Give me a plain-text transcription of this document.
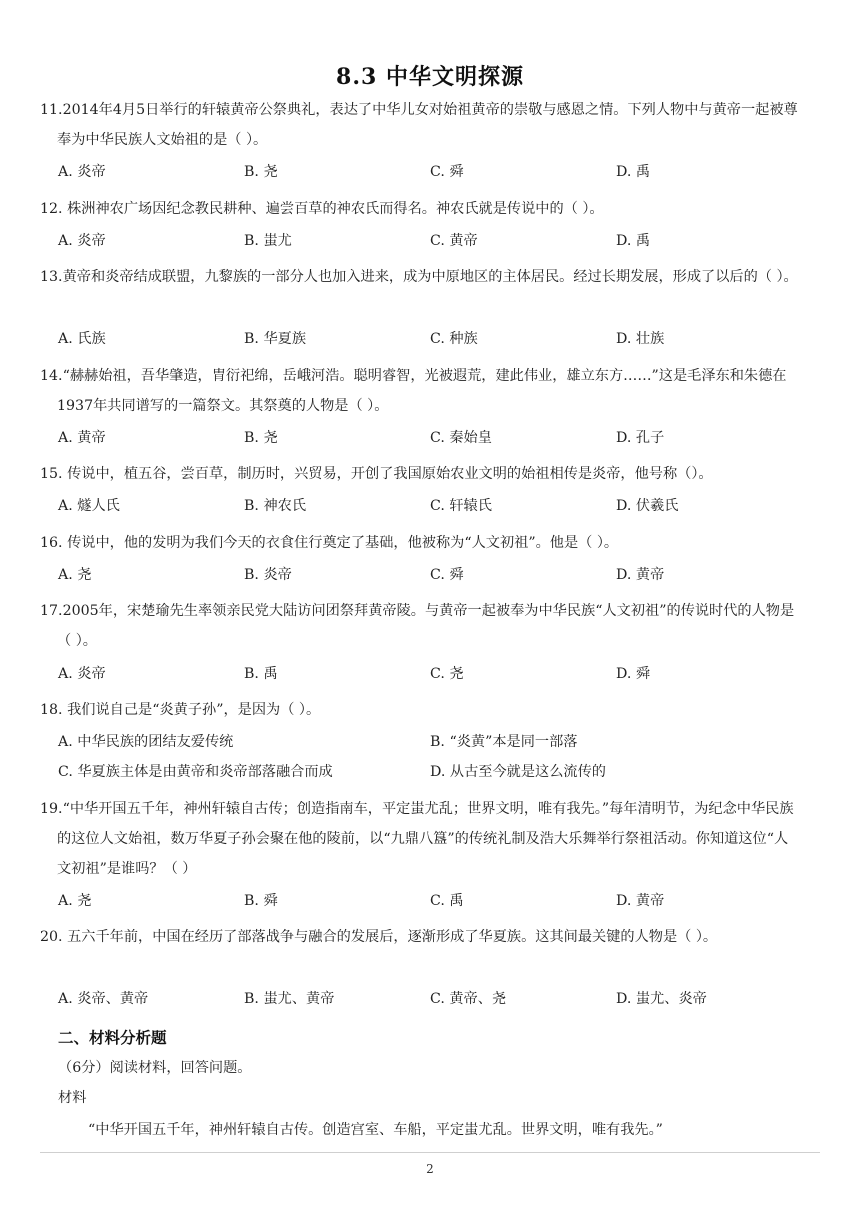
8.3 中华文明探源
11.2014年4月5日举行的轩辕黄帝公祭典礼，表达了中华儿女对始祖黄帝的崇敬与感恩之情。下列人物中与黄帝一起被尊奉为中华民族人文始祖的是（ ）。
A. 炎帝	B. 尧	C. 舜	D. 禹
12. 株洲神农广场因纪念教民耕种、遍尝百草的神农氏而得名。神农氏就是传说中的（ ）。
A. 炎帝	B. 蚩尤	C. 黄帝	D. 禹
13.黄帝和炎帝结成联盟，九黎族的一部分人也加入进来，成为中原地区的主体居民。经过长期发展，形成了以后的（ ）。
A. 氏族	B. 华夏族	C. 种族	D. 壮族
14.“赫赫始祖，吾华肇造，胄衍祀绵，岳峨河浩。聪明睿智，光被遐荒，建此伟业，雄立东方……”这是毛泽东和朱德在1937年共同谱写的一篇祭文。其祭奠的人物是（ ）。
A. 黄帝	B. 尧	C. 秦始皇	D. 孔子
15. 传说中，植五谷，尝百草，制历时，兴贸易，开创了我国原始农业文明的始祖相传是炎帝，他号称（）。
A. 燧人氏	B. 神农氏	C. 轩辕氏	D. 伏羲氏
16. 传说中，他的发明为我们今天的衣食住行奠定了基础，他被称为“人文初祖”。他是（ ）。
A. 尧	B. 炎帝	C. 舜	D. 黄帝
17.2005年，宋楚瑜先生率领亲民党大陆访问团祭拜黄帝陵。与黄帝一起被奉为中华民族“人文初祖”的传说时代的人物是（ ）。
A. 炎帝	B. 禹	C. 尧	D. 舜
18. 我们说自己是“炎黄子孙”，是因为（ ）。
A. 中华民族的团结友爱传统	B. “炎黄”本是同一部落
C. 华夏族主体是由黄帝和炎帝部落融合而成	D. 从古至今就是这么流传的
19.“中华开国五千年，神州轩辕自古传；创造指南车，平定蚩尤乱；世界文明，唯有我先。”每年清明节，为纪念中华民族的这位人文始祖，数万华夏子孙会聚在他的陵前，以“九鼎八簋”的传统礼制及浩大乐舞举行祭祖活动。你知道这位“人文初祖”是谁吗？（ ）
A. 尧	B. 舜	C. 禹	D. 黄帝
20. 五六千年前，中国在经历了部落战争与融合的发展后，逐渐形成了华夏族。这其间最关键的人物是（ ）。
A. 炎帝、黄帝	B. 蚩尤、黄帝	C. 黄帝、尧	D. 蚩尤、炎帝
二、材料分析题
（6分）阅读材料，回答问题。
材料
“中华开国五千年，神州轩辕自古传。创造宫室、车船，平定蚩尤乱。世界文明，唯有我先。”
2
